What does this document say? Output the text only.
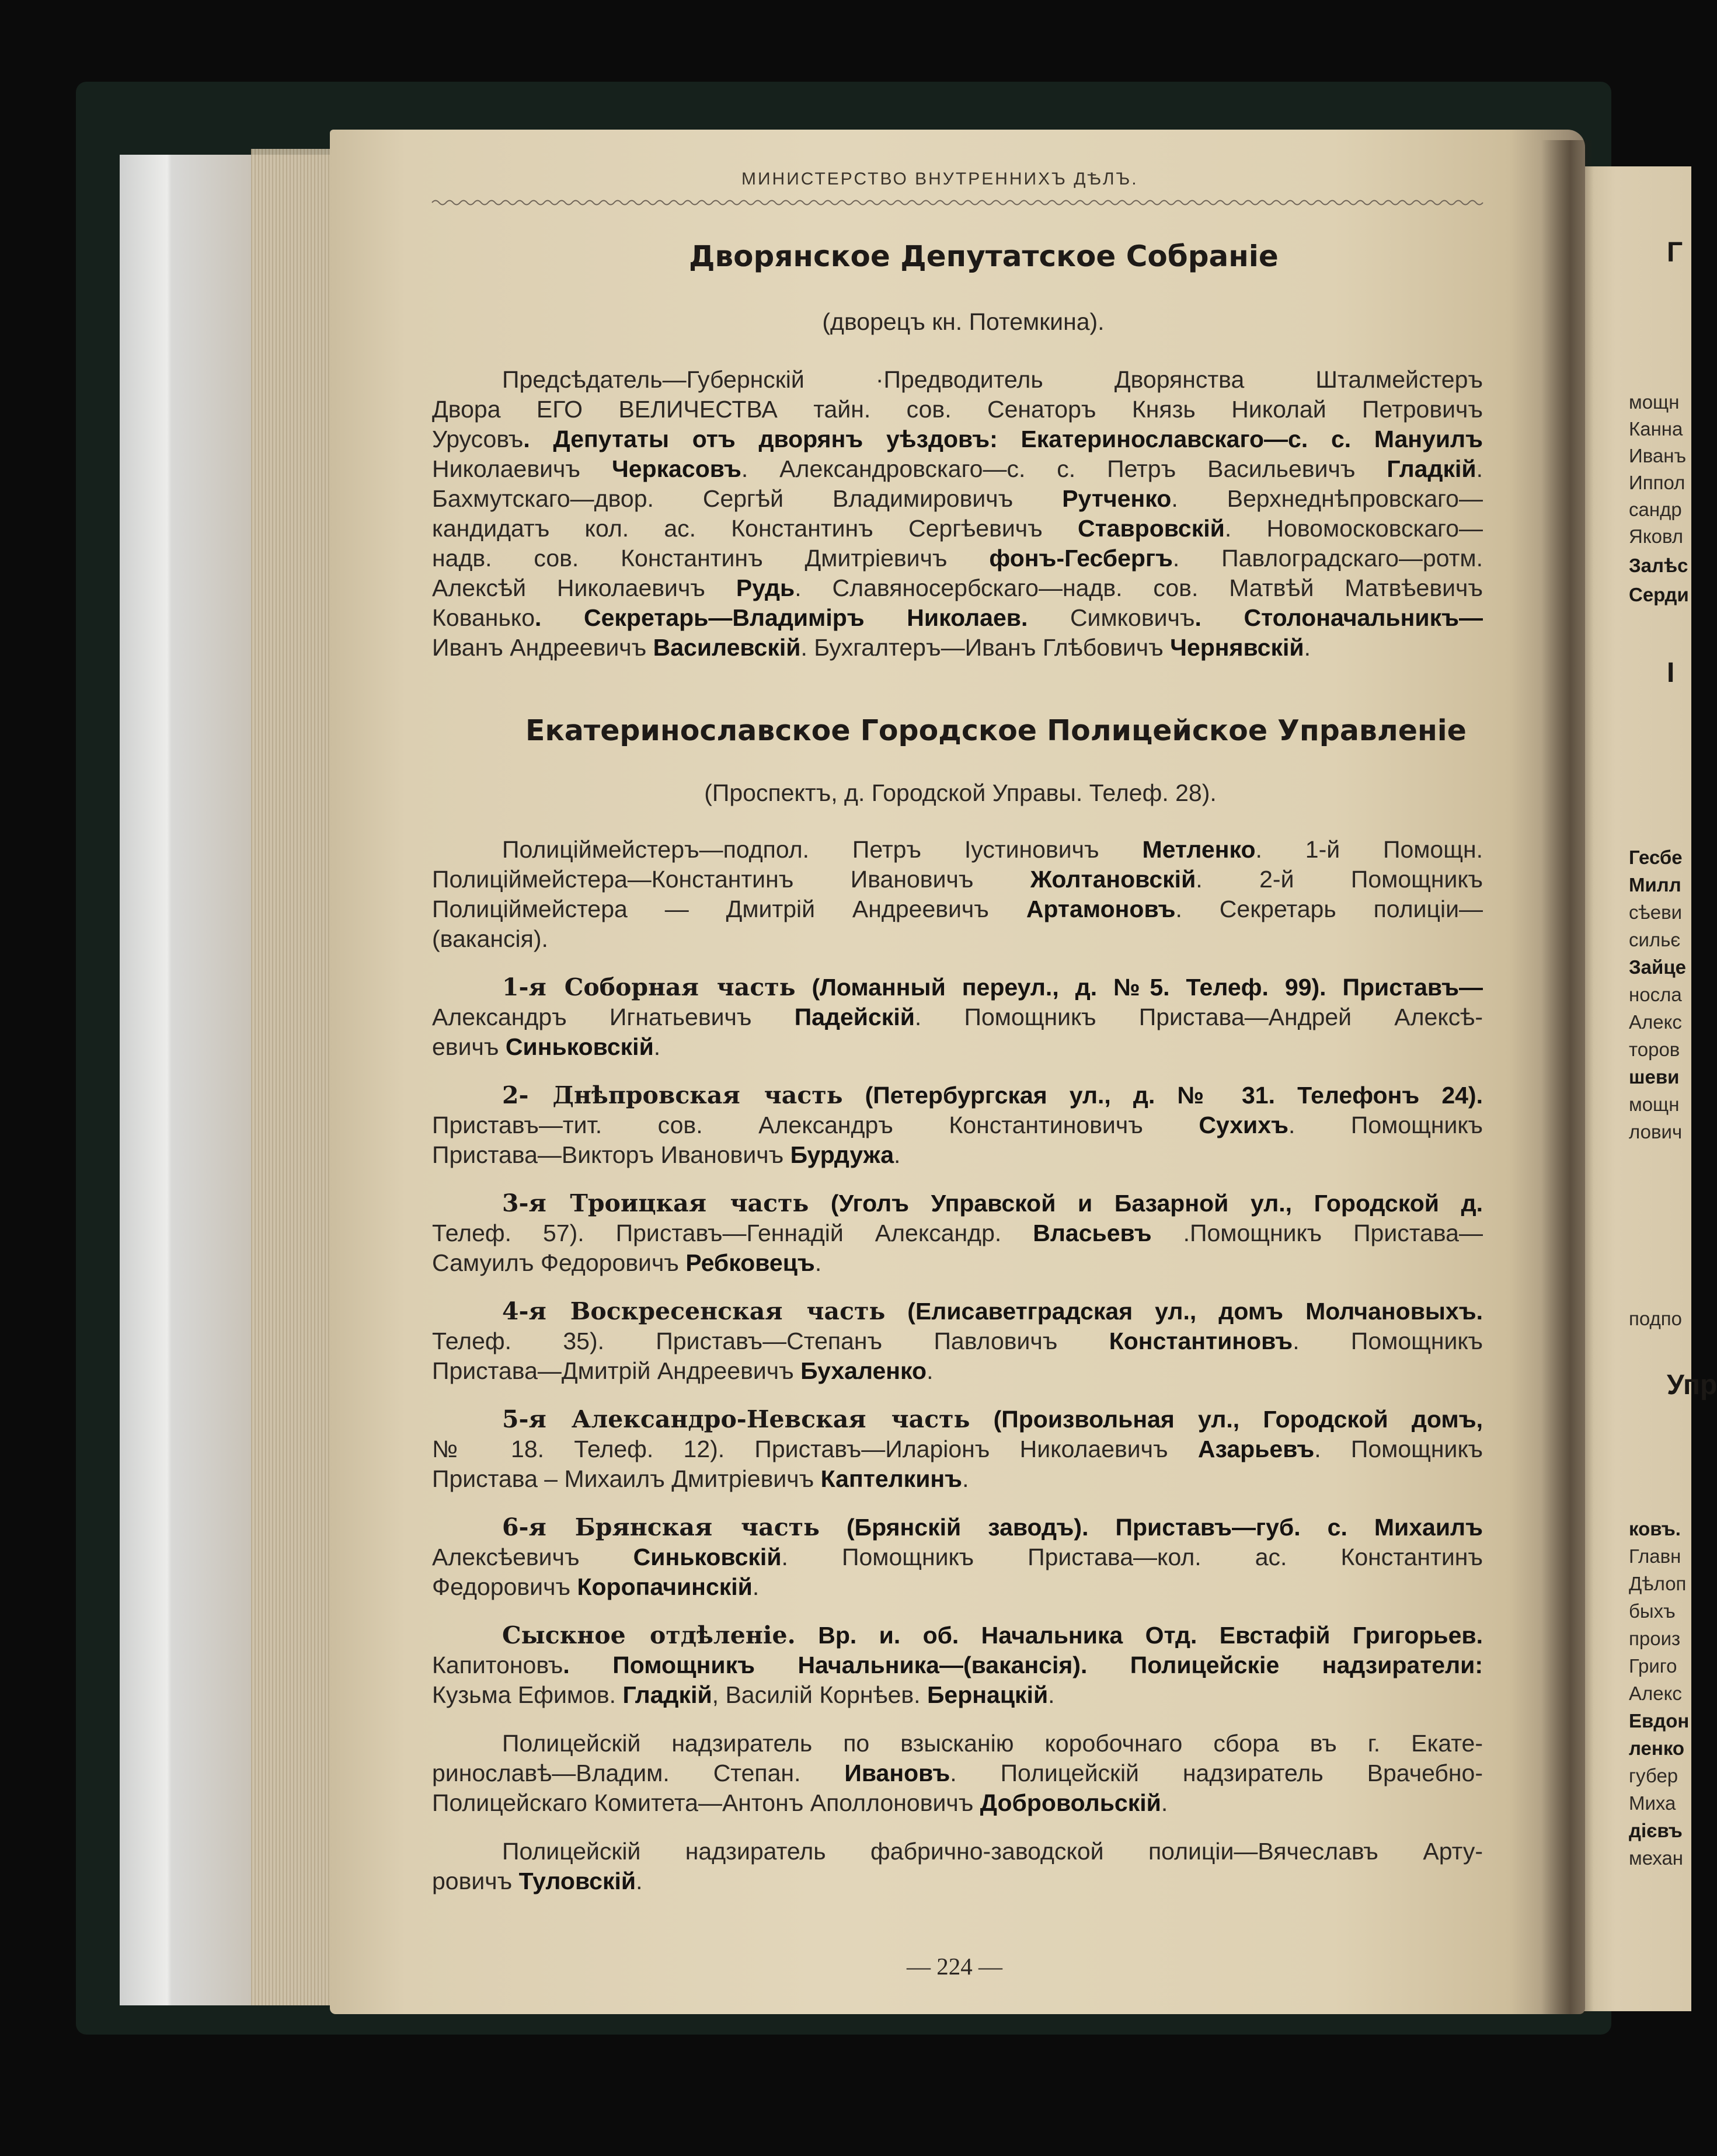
МИНИСТЕРСТВО ВНУТРЕННИХЪ ДѢЛЪ.
Дворянское Депутатское Собраніе
(дворецъ кн. Потемкина).
Предсѣдатель—Губернскій ·Предводитель Дворянства Шталмейстеръ
Двора ЕГО ВЕЛИЧЕСТВА тайн. сов. Сенаторъ Князь Николай Петровичъ
Урусовъ. Депутаты отъ дворянъ уѣздовъ: Екатеринославскаго—с. с. Мануилъ
Николаевичъ Черкасовъ. Александровскаго—с. с. Петръ Васильевичъ Гладкій.
Бахмутскаго—двор. Сергѣй Владимировичъ Рутченко. Верхнеднѣпровскаго—
кандидатъ кол. ас. Константинъ Сергѣевичъ Ставровскій. Новомосковскаго—
надв. сов. Константинъ Дмитріевичъ фонъ-Гесбергъ. Павлоградскаго—ротм.
Алексѣй Николаевичъ Рудь. Славяносербскаго—надв. сов. Матвѣй Матвѣевичъ
Кованько. Секретарь—Владиміръ Николаев. Симковичъ. Столоначальникъ—
Иванъ Андреевичъ Василевскій. Бухгалтеръ—Иванъ Глѣбовичъ Чернявскій.
Екатеринославское Городское Полицейское Управленіе
(Проспектъ, д. Городской Управы. Телеф. 28).
Полиціймейстеръ—подпол. Петръ Іустиновичъ Метленко. 1-й Помощн.
Полиціймейстера—Константинъ Ивановичъ Жолтановскій. 2-й Помощникъ
Полиціймейстера — Дмитрій Андреевичъ Артамоновъ. Секретарь полиціи—
(вакансія).
1-я Соборная часть (Ломанный переул., д. №5. Телеф. 99). Приставъ—
Александръ Игнатьевичъ Падейскій. Помощникъ Пристава—Андрей Алексѣ-
евичъ Синьковскій.
2- Днѣпровская часть (Петербургская ул., д. № 31. Телефонъ 24).
Приставъ—тит. сов. Александръ Константиновичъ Сухихъ. Помощникъ
Пристава—Викторъ Ивановичъ Бурдужа.
3-я Троицкая часть (Уголъ Управской и Базарной ул., Городской д.
Телеф. 57). Приставъ—Геннадій Александр. Власьевъ .Помощникъ Пристава—
Самуилъ Федоровичъ Ребковецъ.
4-я Воскресенская часть (Елисаветградская ул., домъ Молчановыхъ.
Телеф. 35). Приставъ—Степанъ Павловичъ Константиновъ. Помощникъ
Пристава—Дмитрій Андреевичъ Бухаленко.
5-я Александро-Невская часть (Произвольная ул., Городской домъ,
№ 18. Телеф. 12). Приставъ—Иларіонъ Николаевичъ Азарьевъ. Помощникъ
Пристава – Михаилъ Дмитріевичъ Каптелкинъ.
6-я Брянская часть (Брянскій заводъ). Приставъ—губ. с. Михаилъ
Алексѣевичъ Синьковскій. Помощникъ Пристава—кол. ас. Константинъ
Федоровичъ Коропачинскій.
Сыскное отдѣленіе. Вр. и. об. Начальника Отд. Евстафій Григорьев.
Капитоновъ. Помощникъ Начальника—(вакансія). Полицейскіе надзиратели:
Кузьма Ефимов. Гладкій, Василій Корнѣев. Бернацкій.
Полицейскій надзиратель по взысканію коробочнаго сбора въ г. Екате-
ринославѣ—Владим. Степан. Ивановъ. Полицейскій надзиратель Врачебно-
Полицейскаго Комитета—Антонъ Аполлоновичъ Добровольскій.
Полицейскій надзиратель фабрично-заводской полиціи—Вячеславъ Арту-
ровичъ Туловскій.
— 224 —
Г
мощн
Канна
Иванъ
Иппол
сандр
Яковл
Залѣс
Серди
І
Гесбе
Милл
сѣеви
сильє
Зайце
носла
Алекс
торов
шеви
мощн
лович
подпо
Упр
ковъ.
Главн
Дѣлоп
быхъ
произ
Григо
Алекс
Евдон
ленко
губер
Миха
дієвъ
механ
